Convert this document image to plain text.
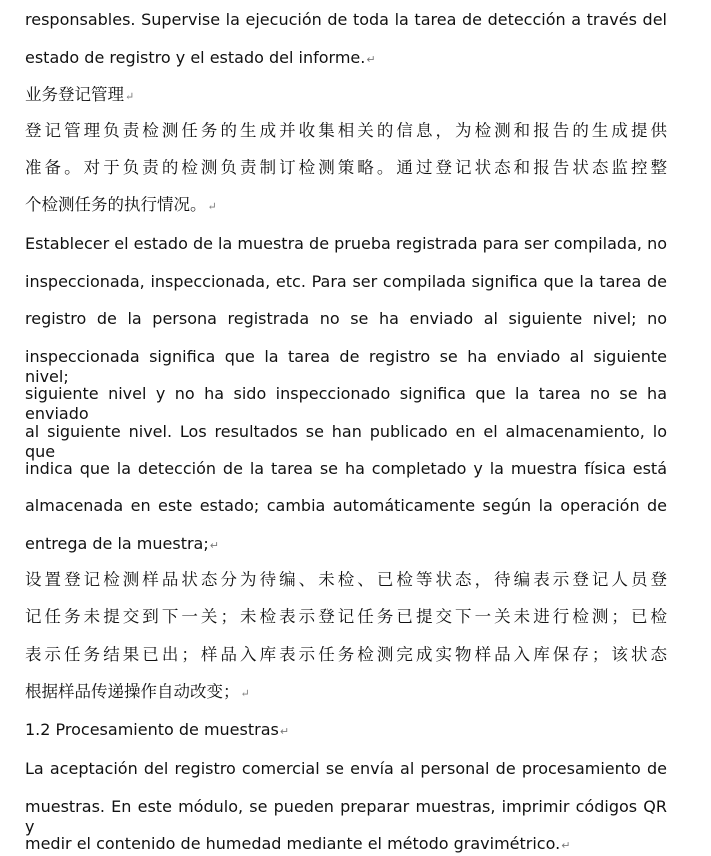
responsables. Supervise la ejecución de toda la tarea de detección a través del
estado de registro y el estado del informe.↵
业务登记管理↵
登记管理负责检测任务的生成并收集相关的信息，为检测和报告的生成提供
准备。对于负责的检测负责制订检测策略。通过登记状态和报告状态监控整
个检测任务的执行情况。↵
Establecer el estado de la muestra de prueba registrada para ser compilada, no
inspeccionada, inspeccionada, etc. Para ser compilada significa que la tarea de
registro de la persona registrada no se ha enviado al siguiente nivel; no
inspeccionada significa que la tarea de registro se ha enviado al siguiente nivel;
siguiente nivel y no ha sido inspeccionado significa que la tarea no se ha enviado
al siguiente nivel. Los resultados se han publicado en el almacenamiento, lo que
indica que la detección de la tarea se ha completado y la muestra física está
almacenada en este estado; cambia automáticamente según la operación de
entrega de la muestra;↵
设置登记检测样品状态分为待编、未检、已检等状态，待编表示登记人员登
记任务未提交到下一关；未检表示登记任务已提交下一关未进行检测；已检
表示任务结果已出；样品入库表示任务检测完成实物样品入库保存；该状态
根据样品传递操作自动改变；↵
1.2 Procesamiento de muestras↵
La aceptación del registro comercial se envía al personal de procesamiento de
muestras. En este módulo, se pueden preparar muestras, imprimir códigos QR y
medir el contenido de humedad mediante el método gravimétrico.↵
